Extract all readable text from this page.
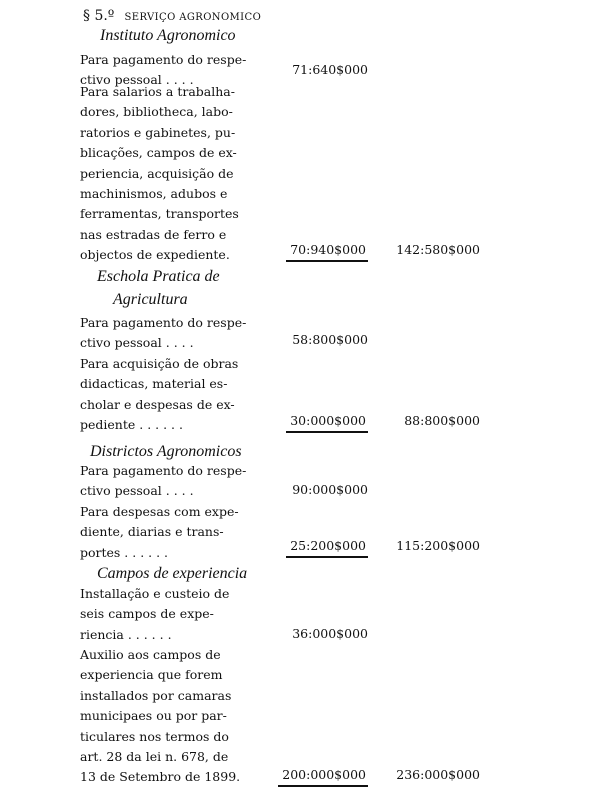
§ 5.º SERVIÇO AGRONOMICO
Instituto Agronomico
Para pagamento do respe-
ctivo pessoal . . . .
71:640$000
Para salarios a trabalha-
dores, bibliotheca, labo-
ratorios e gabinetes, pu-
blicações, campos de ex-
periencia, acquisição de
machinismos, adubos e
ferramentas, transportes
nas estradas de ferro e
objectos de expediente.	70:940$000 142:580$000
Eschola Pratica de
Agricultura
Para pagamento do respe-
ctivo pessoal . . . .	58:800$000
Para acquisição de obras
didacticas, material es-
cholar e despesas de ex-
pediente . . . . . .	30:000$000	88:800$000
Districtos Agronomicos
Para pagamento do respe-
ctivo pessoal . . . .	90:000$000
Para despesas com expe-
diente, diarias e trans-
portes . . . . . .	25:200$000 115:200$000
Campos de experiencia
Installação e custeio de
seis campos de expe-
riencia . . . . . .	36:000$000
Auxilio aos campos de
experiencia que forem
installados por camaras
municipaes ou por par-
ticulares nos termos do
art. 28 da lei n. 678, de
13 de Setembro de 1899.	200:000$000 236:000$000
